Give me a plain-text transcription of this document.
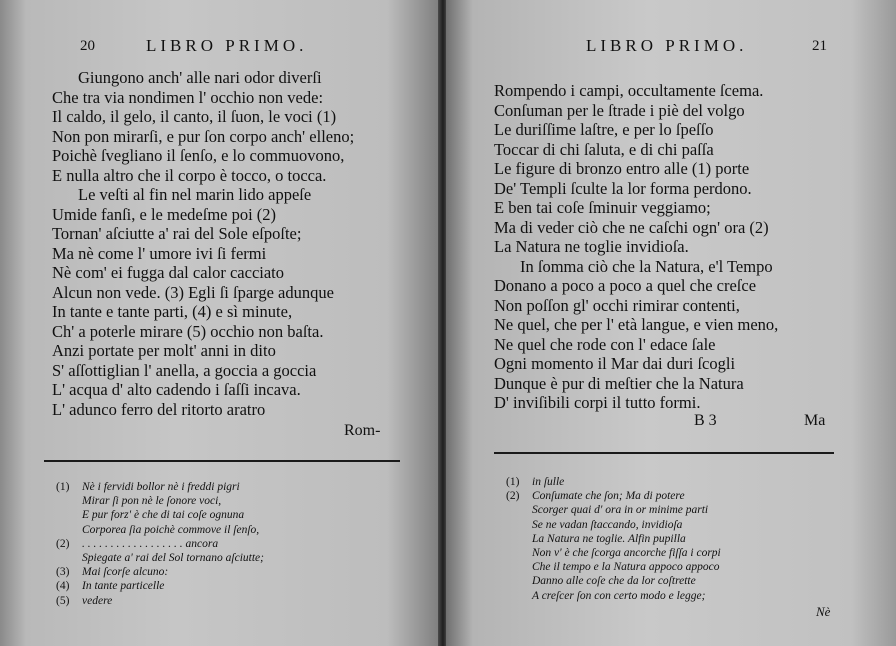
20	LIBRO PRIMO.
Giungono anch' alle nari odor diverſi
Che tra via nondimen l' occhio non vede:
Il caldo, il gelo, il canto, il ſuon, le voci (1)
Non pon mirarſi, e pur ſon corpo anch' elleno;
Poichè ſvegliano il ſenſo, e lo commuovono,
E nulla altro che il corpo è tocco, o tocca.
Le veſti al fin nel marin lido appeſe
Umide fanſi, e le medeſme poi (2)
Tornan' aſciutte a' rai del Sole eſpoſte;
Ma nè come l' umore ivi ſi fermi
Nè com' ei fugga dal calor cacciato
Alcun non vede. (3) Egli ſi ſparge adunque
In tante e tante parti, (4) e sì minute,
Ch' a poterle mirare (5) occhio non baſta.
Anzi portate per molt' anni in dito
S' aſſottiglian l' anella, a goccia a goccia
L' acqua d' alto cadendo i ſaſſi incava.
L' adunco ferro del ritorto aratro
Rom-
(1)	Nè i fervidi bollor nè i freddi pigri
Mirar ſi pon nè le ſonore voci,
E pur forz' è che di tai coſe ognuna
Corporea ſia poichè commove il ſenſo,
(2)	. . . . . . . . . . . . . . . . . . ancora
Spiegate a' rai del Sol tornano aſciutte;
(3)	Mai ſcorſe alcuno:
(4)	In tante particelle
(5)	vedere
LIBRO PRIMO.	21
Rompendo i campi, occultamente ſcema.
Conſuman per le ſtrade i piè del volgo
Le duriſſime laſtre, e per lo ſpeſſo
Toccar di chi ſaluta, e di chi paſſa
Le figure di bronzo entro alle (1) porte
De' Templi ſculte la lor forma perdono.
E ben tai coſe ſminuir veggiamo;
Ma di veder ciò che ne caſchi ogn' ora (2)
La Natura ne toglie invidioſa.
In ſomma ciò che la Natura, e'l Tempo
Donano a poco a poco a quel che creſce
Non poſſon gl' occhi rimirar contenti,
Ne quel, che per l' età langue, e vien meno,
Ne quel che rode con l' edace ſale
Ogni momento il Mar dai duri ſcogli
Dunque è pur di meſtier che la Natura
D' inviſibili corpi il tutto formi.
B 3	Ma
(1)	in ſulle
(2)	Conſumate che ſon; Ma di potere
Scorger quai d' ora in or minime parti
Se ne vadan ſtaccando, invidioſa
La Natura ne toglie. Alfin pupilla
Non v' è che ſcorga ancorche fiſſa i corpi
Che il tempo e la Natura appoco appoco
Danno alle coſe che da lor coſtrette
A creſcer ſon con certo modo e legge;
Nè
